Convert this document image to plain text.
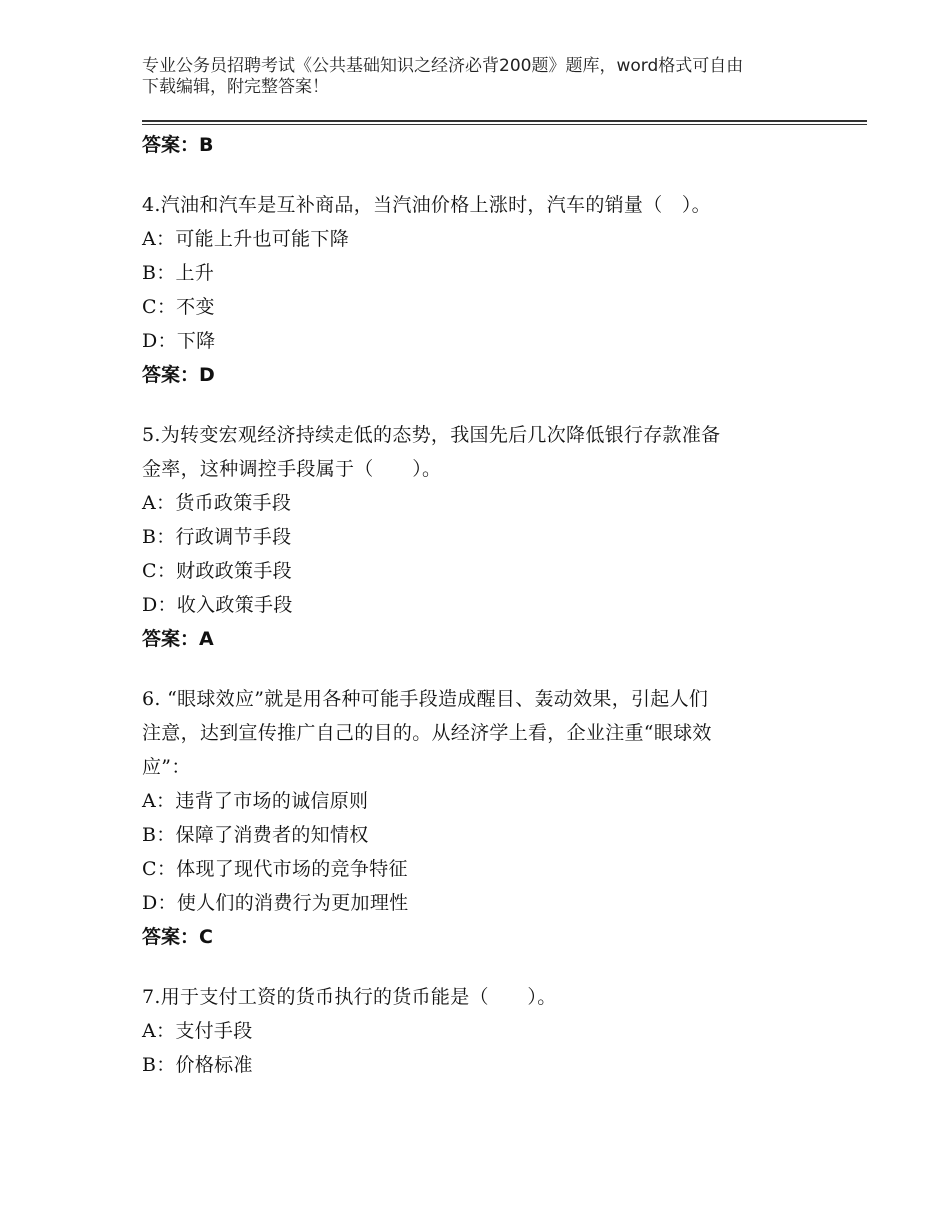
专业公务员招聘考试《公共基础知识之经济必背200题》题库，word格式可自由
下载编辑，附完整答案！
答案：B
4.汽油和汽车是互补商品，当汽油价格上涨时，汽车的销量（　）。
A：可能上升也可能下降
B：上升
C：不变
D：下降
答案：D
5.为转变宏观经济持续走低的态势，我国先后几次降低银行存款准备
金率，这种调控手段属于（　　）。
A：货币政策手段
B：行政调节手段
C：财政政策手段
D：收入政策手段
答案：A
6. “眼球效应”就是用各种可能手段造成醒目、轰动效果，引起人们
注意，达到宣传推广自己的目的。从经济学上看，企业注重“眼球效
应”：
A：违背了市场的诚信原则
B：保障了消费者的知情权
C：体现了现代市场的竞争特征
D：使人们的消费行为更加理性
答案：C
7.用于支付工资的货币执行的货币能是（　　）。
A：支付手段
B：价格标准
